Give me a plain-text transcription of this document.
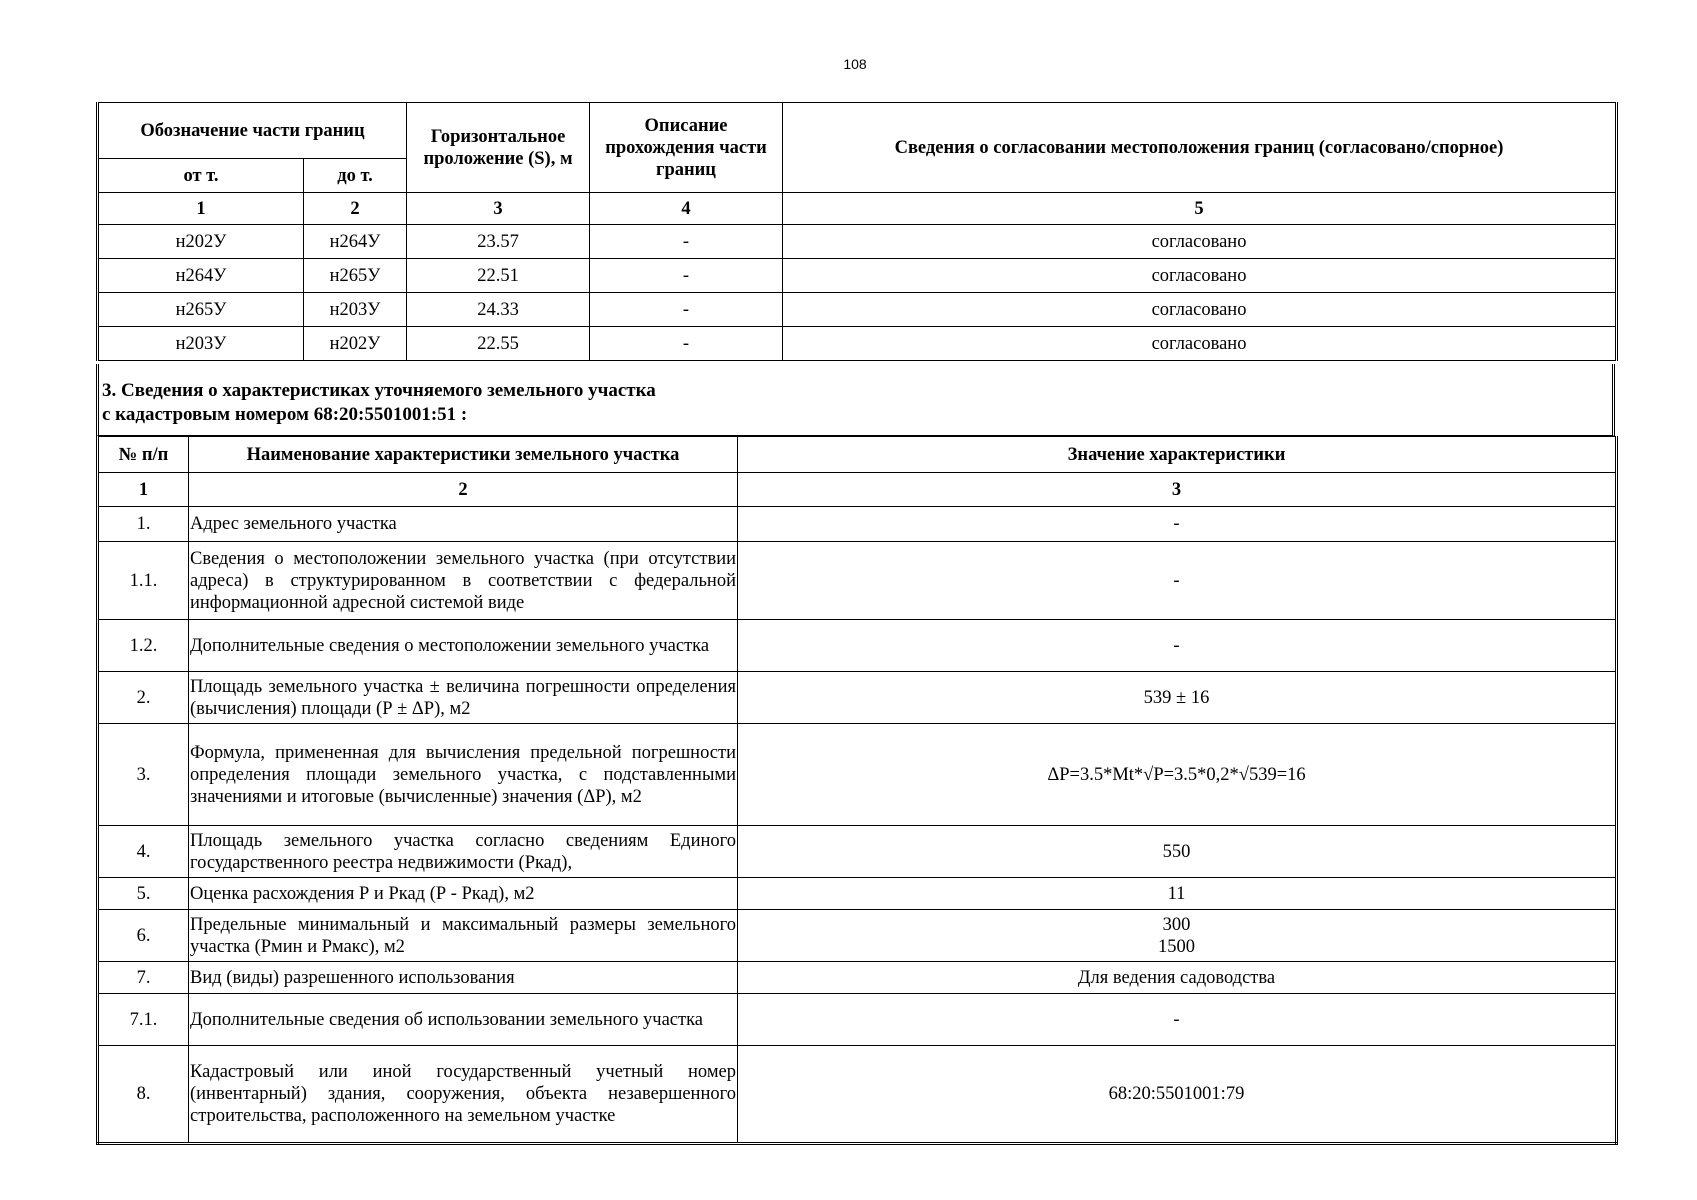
108
Обозначение части границ		Горизонтальное проложение (S), м	Описание прохождения части границ	Сведения о согласовании местоположения границ (согласовано/спорное)
от т.	до т.			
1	2	3	4	5
н202У	н264У	23.57	-	согласовано
н264У	н265У	22.51	-	согласовано
н265У	н203У	24.33	-	согласовано
н203У	н202У	22.55	-	согласовано
3. Сведения о характеристиках уточняемого земельного участка
с кадастровым номером 68:20:5501001:51 :
№ п/п	Наименование характеристики земельного участка	Значение характеристики
1	2	3
1.	Адрес земельного участка	-
1.1.	Сведения о местоположении земельного участка (при отсутствии адреса) в структурированном в соответствии с федеральной информационной адресной системой виде	-
1.2.	Дополнительные сведения о местоположении земельного участка	-
2.	Площадь земельного участка ± величина погрешности определения (вычисления) площади (Р ± ΔР), м2	539 ± 16
3.	Формула, примененная для вычисления предельной погрешности определения площади земельного участка, с подставленными значениями и итоговые (вычисленные) значения (ΔР), м2	ΔP=3.5*Mt*√P=3.5*0,2*√539=16
4.	Площадь земельного участка согласно сведениям Единого государственного реестра недвижимости (Ркад),	550
5.	Оценка расхождения Р и Ркад (Р - Ркад), м2	11
6.	Предельные минимальный и максимальный размеры земельного участка (Рмин и Рмакс), м2	300
1500

7.	Вид (виды) разрешенного использования	Для ведения садоводства
7.1.	Дополнительные сведения об использовании земельного участка	-
8.	Кадастровый или иной государственный учетный номер (инвентарный) здания, сооружения, объекта незавершенного строительства, расположенного на земельном участке	68:20:5501001:79
